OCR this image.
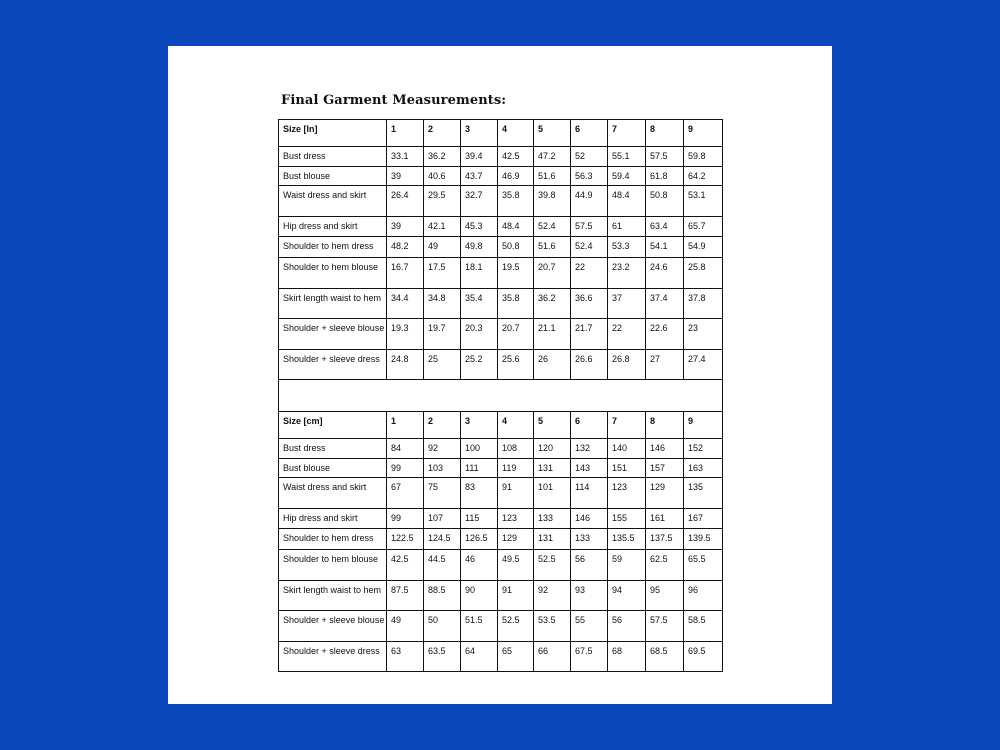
Final Garment Measurements:
Size [In]	1	2	3	4	5	6	7	8	9
Bust dress	33.1	36.2	39.4	42.5	47.2	52	55.1	57.5	59.8
Bust blouse	39	40.6	43.7	46.9	51.6	56.3	59.4	61.8	64.2
Waist dress and skirt	26.4	29.5	32.7	35.8	39.8	44.9	48.4	50.8	53.1
Hip dress and skirt	39	42.1	45.3	48.4	52.4	57.5	61	63.4	65.7
Shoulder to hem dress	48.2	49	49.8	50.8	51.6	52.4	53.3	54.1	54.9
Shoulder to hem blouse	16.7	17.5	18.1	19.5	20.7	22	23.2	24.6	25.8
Skirt length waist to hem	34.4	34.8	35.4	35.8	36.2	36.6	37	37.4	37.8
Shoulder + sleeve blouse	19.3	19.7	20.3	20.7	21.1	21.7	22	22.6	23
Shoulder + sleeve dress	24.8	25	25.2	25.6	26	26.6	26.8	27	27.4

Size [cm]	1	2	3	4	5	6	7	8	9
Bust dress	84	92	100	108	120	132	140	146	152
Bust blouse	99	103	111	119	131	143	151	157	163
Waist dress and skirt	67	75	83	91	101	114	123	129	135
Hip dress and skirt	99	107	115	123	133	146	155	161	167
Shoulder to hem dress	122.5	124.5	126.5	129	131	133	135.5	137.5	139.5
Shoulder to hem blouse	42.5	44.5	46	49.5	52.5	56	59	62.5	65.5
Skirt length waist to hem	87.5	88.5	90	91	92	93	94	95	96
Shoulder + sleeve blouse	49	50	51.5	52.5	53.5	55	56	57.5	58.5
Shoulder + sleeve dress	63	63.5	64	65	66	67.5	68	68.5	69.5
